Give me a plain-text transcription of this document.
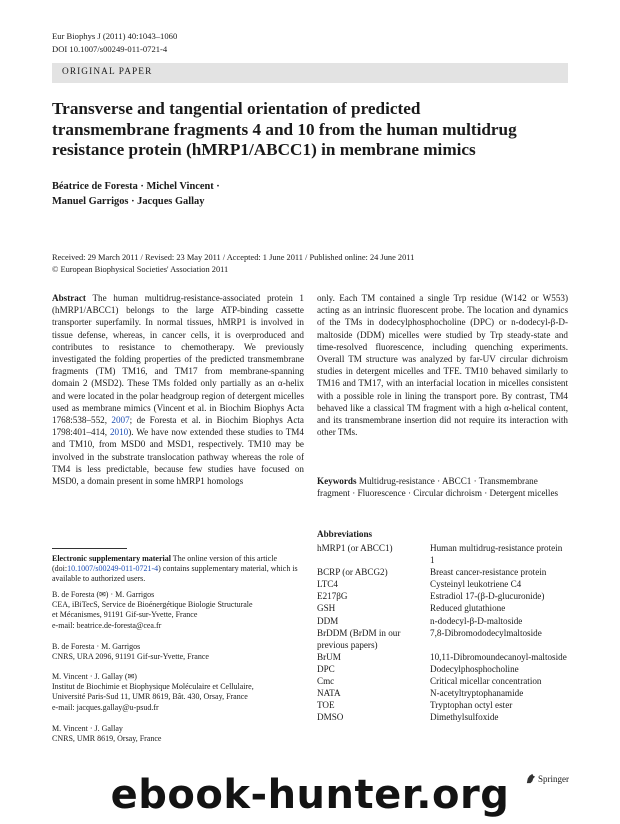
Eur Biophys J (2011) 40:1043–1060
DOI 10.1007/s00249-011-0721-4
ORIGINAL PAPER
Transverse and tangential orientation of predicted
transmembrane fragments 4 and 10 from the human multidrug
resistance protein (hMRP1/ABCC1) in membrane mimics
Béatrice de Foresta · Michel Vincent ·
Manuel Garrigos · Jacques Gallay
Received: 29 March 2011 / Revised: 23 May 2011 / Accepted: 1 June 2011 / Published online: 24 June 2011
© European Biophysical Societies' Association 2011
Abstract The human multidrug-resistance-associated protein 1 (hMRP1/ABCC1) belongs to the large ATP-binding cassette transporter superfamily. In normal tissues, hMRP1 is involved in tissue defense, whereas, in cancer cells, it is overproduced and contributes to resistance to chemotherapy. We previously investigated the folding properties of the predicted transmembrane fragments (TM) TM16, and TM17 from membrane-spanning domain 2 (MSD2). These TMs folded only partially as an α-helix and were located in the polar headgroup region of detergent micelles used as membrane mimics (Vincent et al. in Biochim Biophys Acta 1768:538–552, 2007; de Foresta et al. in Biochim Biophys Acta 1798:401–414, 2010). We have now extended these studies to TM4 and TM10, from MSD0 and MSD1, respectively. TM10 may be involved in the substrate translocation pathway whereas the role of TM4 is less predictable, because few studies have focused on MSD0, a domain present in some hMRP1 homologs
only. Each TM contained a single Trp residue (W142 or W553) acting as an intrinsic fluorescent probe. The location and dynamics of the TMs in dodecylphosphocholine (DPC) or n-dodecyl-β-D-maltoside (DDM) micelles were studied by Trp steady-state and time-resolved fluorescence, including quenching experiments. Overall TM structure was analyzed by far-UV circular dichroism studies in detergent micelles and TFE. TM10 behaved similarly to TM16 and TM17, with an interfacial location in micelles consistent with a possible role in lining the transport pore. By contrast, TM4 behaved like a classical TM fragment with a high α-helical content, and its transmembrane insertion did not require its interaction with other TMs.
Keywords Multidrug-resistance · ABCC1 · Transmembrane fragment · Fluorescence · Circular dichroism · Detergent micelles
Electronic supplementary material The online version of this article (doi:10.1007/s00249-011-0721-4) contains supplementary material, which is available to authorized users.
B. de Foresta (✉) · M. Garrigos
CEA, iBiTecS, Service de Bioénergétique Biologie Structurale
et Mécanismes, 91191 Gif-sur-Yvette, France
e-mail: beatrice.de-foresta@cea.fr
B. de Foresta · M. Garrigos
CNRS, URA 2096, 91191 Gif-sur-Yvette, France
M. Vincent · J. Gallay (✉)
Institut de Biochimie et Biophysique Moléculaire et Cellulaire,
Université Paris-Sud 11, UMR 8619, Bât. 430, Orsay, France
e-mail: jacques.gallay@u-psud.fr
M. Vincent · J. Gallay
CNRS, UMR 8619, Orsay, France
Abbreviations
hMRP1 (or ABCC1)	Human multidrug-resistance protein 1
BCRP (or ABCG2)	Breast cancer-resistance protein
LTC4	Cysteinyl leukotriene C4
E217βG	Estradiol 17-(β-D-glucuronide)
GSH	Reduced glutathione
DDM	n-dodecyl-β-D-maltoside
BrDDM (BrDM in our previous papers)	7,8-Dibromododecylmaltoside
BrUM	10,11-Dibromoundecanoyl-maltoside
DPC	Dodecylphosphocholine
Cmc	Critical micellar concentration
NATA	N-acetyltryptophanamide
TOE	Tryptophan octyl ester
DMSO	Dimethylsulfoxide
Springer
ebook-hunter.org
